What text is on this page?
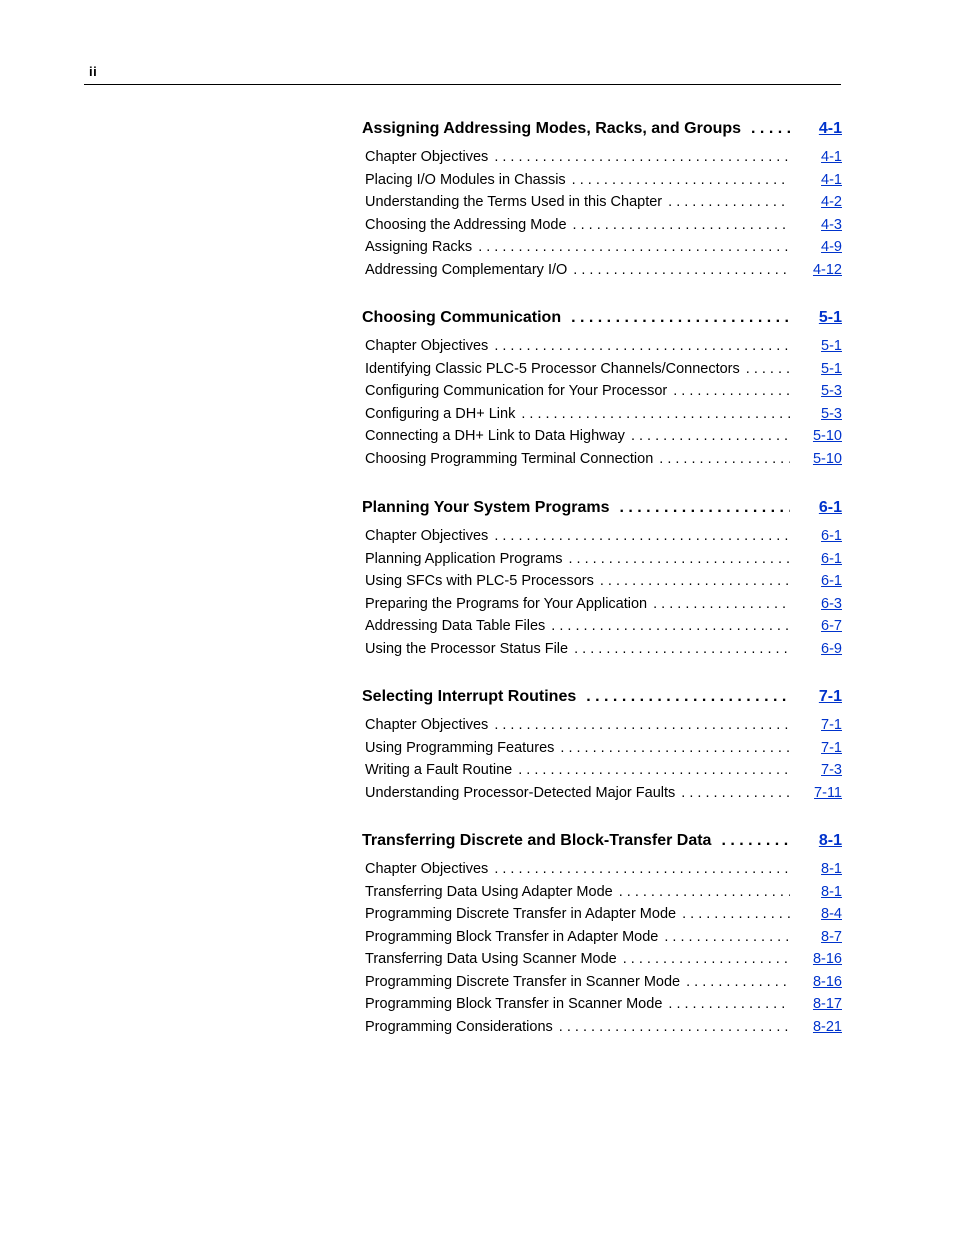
ii
Assigning Addressing Modes, Racks, and Groups . . .	4-1
Chapter Objectives . . .	4-1
Placing I/O Modules in Chassis . . .	4-1
Understanding the Terms Used in this Chapter . . .	4-2
Choosing the Addressing Mode . . .	4-3
Assigning Racks . . .	4-9
Addressing Complementary I/O . . .	4-12
Choosing Communication . . .	5-1
Chapter Objectives . . .	5-1
Identifying Classic PLC-5 Processor Channels/Connectors . . .	5-1
Configuring Communication for Your Processor . . .	5-3
Configuring a DH+ Link . . .	5-3
Connecting a DH+ Link to Data Highway . . .	5-10
Choosing Programming Terminal Connection . . .	5-10
Planning Your System Programs . . .	6-1
Chapter Objectives . . .	6-1
Planning Application Programs . . .	6-1
Using SFCs with PLC-5 Processors . . .	6-1
Preparing the Programs for Your Application . . .	6-3
Addressing Data Table Files . . .	6-7
Using the Processor Status File . . .	6-9
Selecting Interrupt Routines . . .	7-1
Chapter Objectives . . .	7-1
Using Programming Features . . .	7-1
Writing a Fault Routine . . .	7-3
Understanding Processor-Detected Major Faults . . .	7-11
Transferring Discrete and Block-Transfer Data . . .	8-1
Chapter Objectives . . .	8-1
Transferring Data Using Adapter Mode . . .	8-1
Programming Discrete Transfer in Adapter Mode . . .	8-4
Programming Block Transfer in Adapter Mode . . .	8-7
Transferring Data Using Scanner Mode . . .	8-16
Programming Discrete Transfer in Scanner Mode . . .	8-16
Programming Block Transfer in Scanner Mode . . .	8-17
Programming Considerations . . .	8-21
